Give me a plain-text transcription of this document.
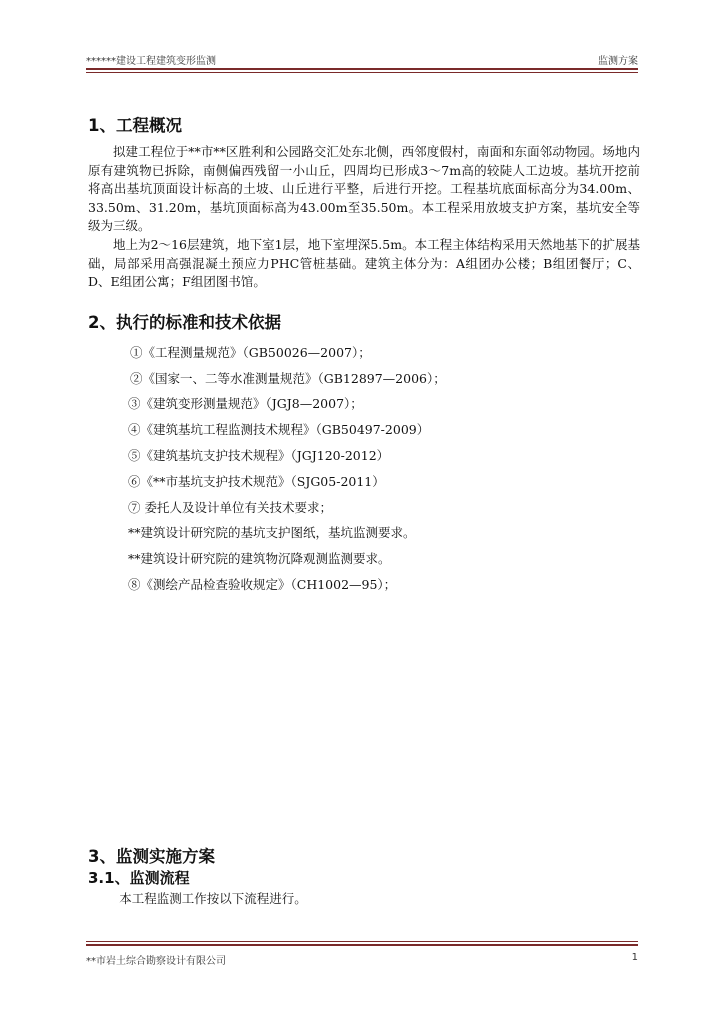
******建设工程建筑变形监测	监测方案
1、工程概况

拟建工程位于**市**区胜利和公园路交汇处东北侧，西邻度假村，南面和东面邻动物园。场地内原有建筑物已拆除，南侧偏西残留一小山丘，四周均已形成3～7m高的较陡人工边坡。基坑开挖前将高出基坑顶面设计标高的土坡、山丘进行平整，后进行开挖。工程基坑底面标高分为34.00m、33.50m、31.20m，基坑顶面标高为43.00m至35.50m。本工程采用放坡支护方案，基坑安全等级为三级。

地上为2～16层建筑，地下室1层，地下室埋深5.5m。本工程主体结构采用天然地基下的扩展基础，局部采用高强混凝土预应力PHC管桩基础。建筑主体分为：A组团办公楼；B组团餐厅；C、D、E组团公寓；F组团图书馆。

2、执行的标准和技术依据
①《工程测量规范》（GB50026—2007）；
②《国家一、二等水准测量规范》（GB12897—2006）；
③《建筑变形测量规范》（JGJ8—2007）；
④《建筑基坑工程监测技术规程》（GB50497-2009）
⑤《建筑基坑支护技术规程》（JGJ120-2012）
⑥《**市基坑支护技术规范》（SJG05-2011）
⑦ 委托人及设计单位有关技术要求；
**建筑设计研究院的基坑支护图纸，基坑监测要求。
**建筑设计研究院的建筑物沉降观测监测要求。
⑧《测绘产品检查验收规定》（CH1002—95）；
3、监测实施方案
3.1、监测流程

本工程监测工作按以下流程进行。

**市岩土综合勘察设计有限公司	1
